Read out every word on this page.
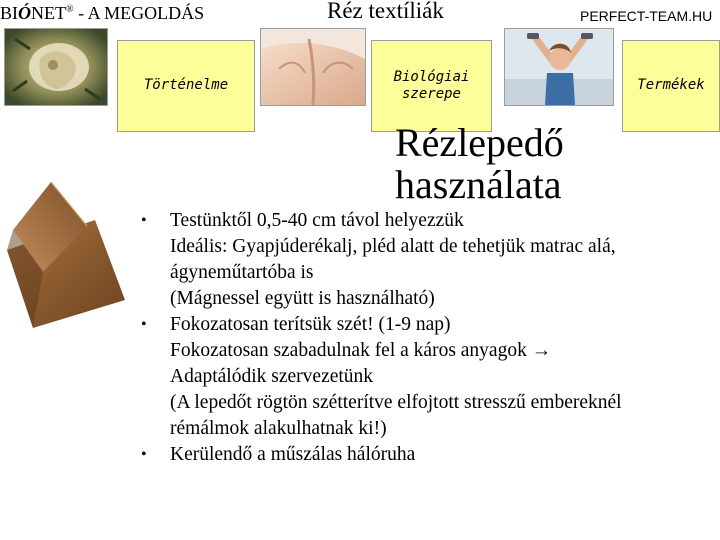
BIÓNET® - A MEGOLDÁS	Réz textíliák	PERFECT-TEAM.HU
Történelme
Biológiai
szerepe
Termékek
Rézlepedő
használata
• Testünktől 0,5-40 cm távol helyezzük
Ideális: Gyapjúderékalj, pléd alatt de tehetjük matrac alá,
ágyneműtartóba is
(Mágnessel együtt is használható)
• Fokozatosan terítsük szét! (1-9 nap)
Fokozatosan szabadulnak fel a káros anyagok →
Adaptálódik szervezetünk
(A lepedőt rögtön szétterítve elfojtott stresszű embereknél
rémálmok alakulhatnak ki!)
• Kerülendő a műszálas hálóruha
